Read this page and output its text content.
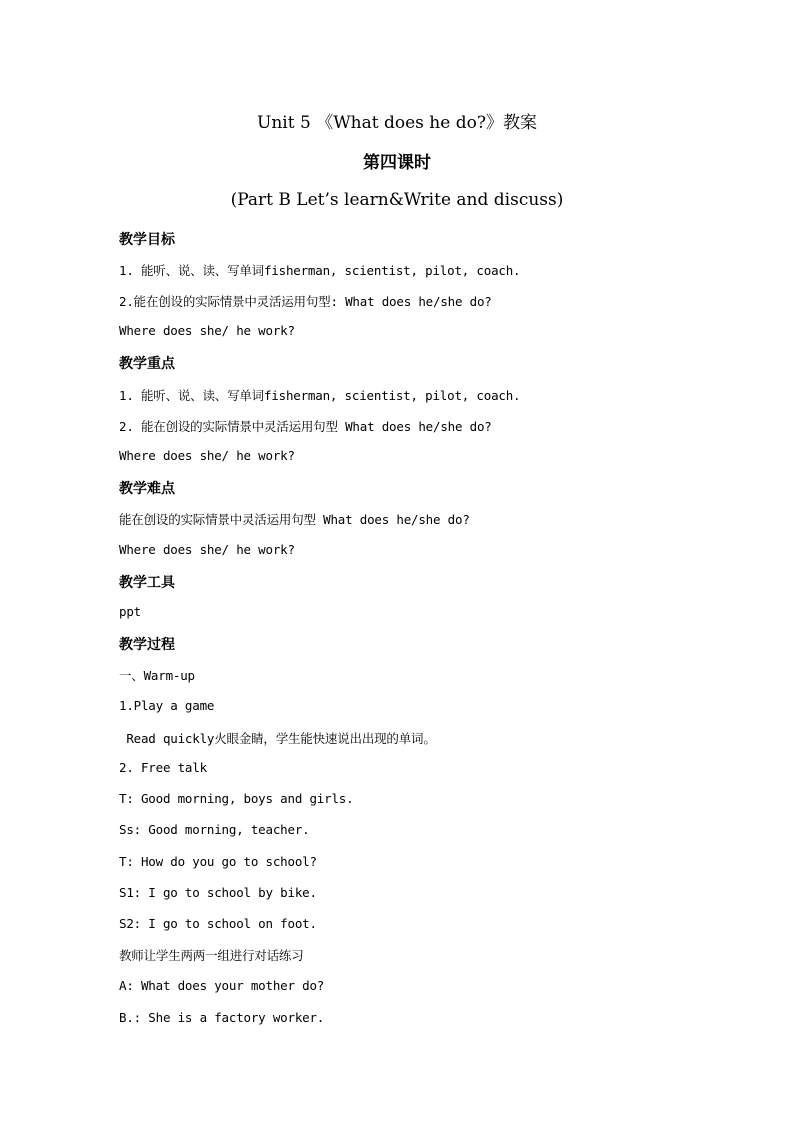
Unit 5 《What does he do?》教案
第四课时
(Part B Let’s learn&Write and discuss)
教学目标
1. 能听、说、读、写单词fisherman, scientist, pilot, coach.
2.能在创设的实际情景中灵活运用句型: What does he/she do?
Where does she/ he work?
教学重点
1. 能听、说、读、写单词fisherman, scientist, pilot, coach.
2. 能在创设的实际情景中灵活运用句型 What does he/she do?
Where does she/ he work?
教学难点
能在创设的实际情景中灵活运用句型 What does he/she do?
Where does she/ he work?
教学工具
ppt
教学过程
一、Warm-up
1.Play a game
Read quickly火眼金睛，学生能快速说出出现的单词。
2. Free talk
T: Good morning, boys and girls.
Ss: Good morning, teacher.
T: How do you go to school?
S1: I go to school by bike.
S2: I go to school on foot.
教师让学生两两一组进行对话练习
A: What does your mother do?
B.: She is a factory worker.
